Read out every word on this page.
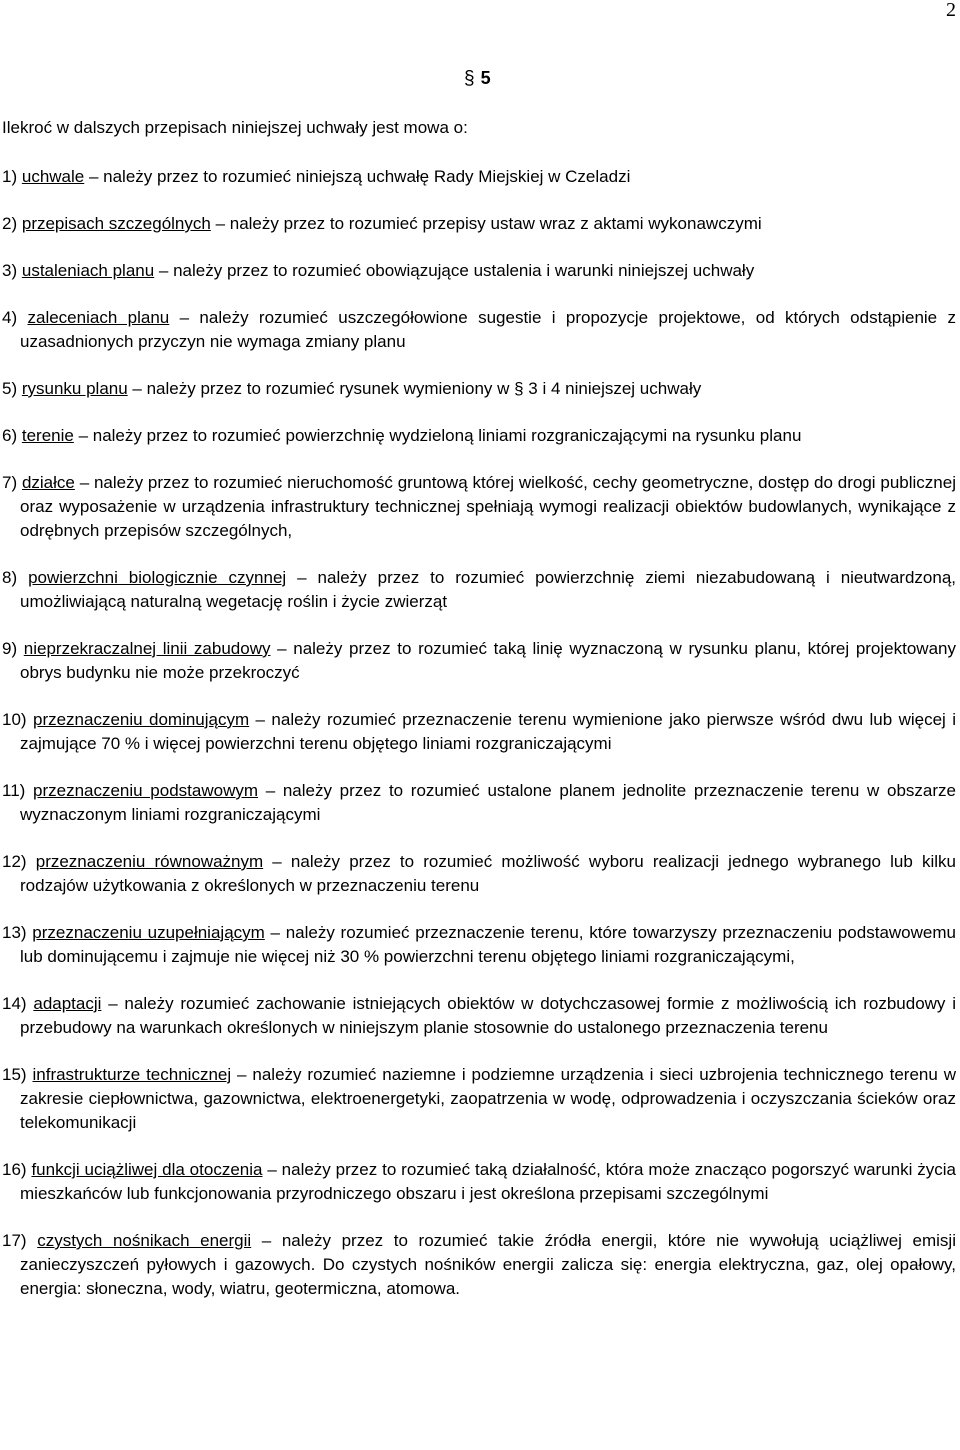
2
§ 5
Ilekroć w dalszych przepisach niniejszej uchwały jest mowa o:

1) uchwale – należy przez to rozumieć niniejszą uchwałę Rady Miejskiej w Czeladzi

2) przepisach szczególnych – należy przez to rozumieć przepisy ustaw wraz z aktami wykonawczymi

3) ustaleniach planu – należy przez to rozumieć obowiązujące ustalenia i warunki niniejszej uchwały

4) zaleceniach planu – należy rozumieć uszczegółowione sugestie i propozycje projektowe, od których odstąpienie z uzasadnionych przyczyn nie wymaga zmiany planu

5) rysunku planu – należy przez to rozumieć rysunek wymieniony w § 3 i 4 niniejszej uchwały

6) terenie – należy przez to rozumieć powierzchnię wydzieloną liniami rozgraniczającymi na rysunku planu

7) działce – należy przez to rozumieć nieruchomość gruntową której wielkość, cechy geometryczne, dostęp do drogi publicznej oraz wyposażenie w urządzenia infrastruktury technicznej spełniają wymogi realizacji obiektów budowlanych, wynikające z odrębnych przepisów szczególnych,

8) powierzchni biologicznie czynnej – należy przez to rozumieć powierzchnię ziemi niezabudowaną i nieutwardzoną, umożliwiającą naturalną wegetację roślin i życie zwierząt

9) nieprzekraczalnej linii zabudowy – należy przez to rozumieć taką linię wyznaczoną w rysunku planu, której projektowany obrys budynku nie może przekroczyć

10) przeznaczeniu dominującym – należy rozumieć przeznaczenie terenu wymienione jako pierwsze wśród dwu lub więcej i zajmujące 70 % i więcej powierzchni terenu objętego liniami rozgraniczającymi

11) przeznaczeniu podstawowym – należy przez to rozumieć ustalone planem jednolite przeznaczenie terenu w obszarze wyznaczonym liniami rozgraniczającymi

12) przeznaczeniu równoważnym – należy przez to rozumieć możliwość wyboru realizacji jednego wybranego lub kilku rodzajów użytkowania z określonych w przeznaczeniu terenu

13) przeznaczeniu uzupełniającym – należy rozumieć przeznaczenie terenu, które towarzyszy przeznaczeniu podstawowemu lub dominującemu i zajmuje nie więcej niż 30 % powierzchni terenu objętego liniami rozgraniczającymi,

14) adaptacji – należy rozumieć zachowanie istniejących obiektów w dotychczasowej formie z możliwością ich rozbudowy i przebudowy na warunkach określonych w niniejszym planie stosownie do ustalonego przeznaczenia terenu

15) infrastrukturze technicznej – należy rozumieć naziemne i podziemne urządzenia i sieci uzbrojenia technicznego terenu w zakresie ciepłownictwa, gazownictwa, elektroenergetyki, zaopatrzenia w wodę, odprowadzenia i oczyszczania ścieków oraz telekomunikacji

16) funkcji uciążliwej dla otoczenia – należy przez to rozumieć taką działalność, która może znacząco pogorszyć warunki życia mieszkańców lub funkcjonowania przyrodniczego obszaru i jest określona przepisami szczególnymi

17) czystych nośnikach energii – należy przez to rozumieć takie źródła energii, które nie wywołują uciążliwej emisji zanieczyszczeń pyłowych i gazowych. Do czystych nośników energii zalicza się: energia elektryczna, gaz, olej opałowy, energia: słoneczna, wody, wiatru, geotermiczna, atomowa.
